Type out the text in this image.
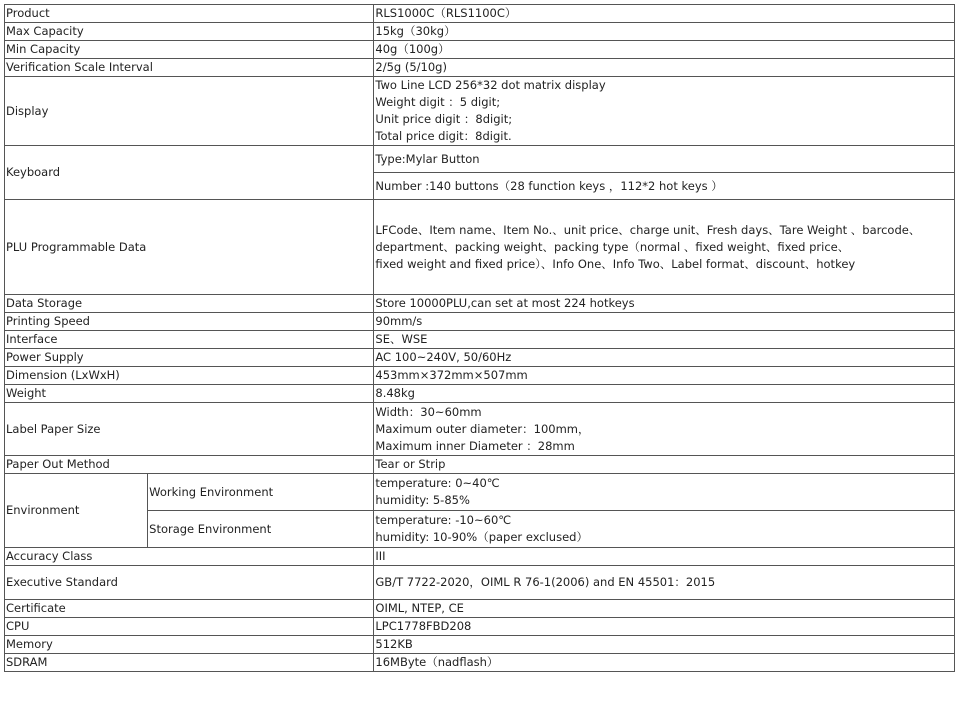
Product		RLS1000C（RLS1100C）
Max Capacity		15kg（30kg）
Min Capacity		40g（100g）
Verification Scale Interval		2/5g (5/10g)
Display		Two Line LCD 256*32 dot matrix display
Weight digit ：5 digit;
Unit price digit ：8digit;
Total price digit：8digit.

Keyboard		Type:Mylar Button
		Number :140 buttons（28 function keys ，112*2 hot keys ）
PLU Programmable Data		LFCode、Item name、Item No.、unit price、charge unit、Fresh days、Tare Weight 、barcode、
department、packing weight、packing type（normal 、fixed weight、fixed price、
fixed weight and fixed price）、Info One、Info Two、Label format、discount、hotkey

Data Storage		Store 10000PLU,can set at most 224 hotkeys
Printing Speed		90mm/s
Interface		SE、WSE
Power Supply		AC 100~240V, 50/60Hz
Dimension (LxWxH)		453mm×372mm×507mm
Weight		8.48kg
Label Paper Size		Width：30~60mm
Maximum outer diameter：100mm，
Maximum inner Diameter ：28mm

Paper Out Method		Tear or Strip
Environment	Working Environment	temperature: 0~40℃
humidity: 5-85%

	Storage Environment	temperature: -10~60℃
humidity: 10-90%（paper exclused）

Accuracy Class		III
Executive Standard		GB/T 7722-2020，OIML R 76-1(2006) and EN 45501：2015
Certificate		OIML, NTEP, CE
CPU		LPC1778FBD208
Memory		512KB
SDRAM		16MByte（nadflash）
